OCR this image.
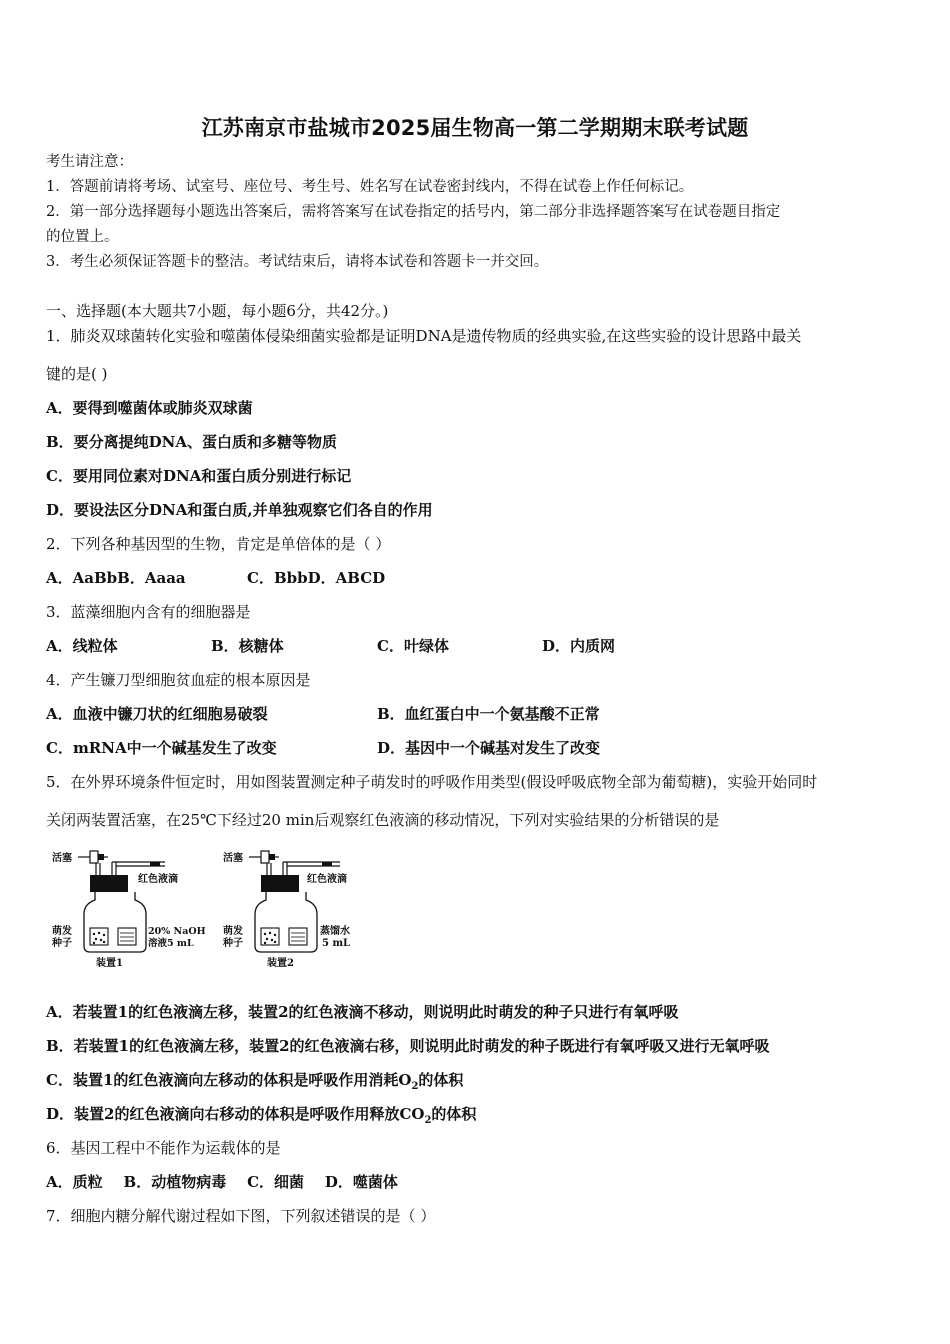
江苏南京市盐城市2025届生物高一第二学期期末联考试题
考生请注意：
1．答题前请将考场、试室号、座位号、考生号、姓名写在试卷密封线内，不得在试卷上作任何标记。
2．第一部分选择题每小题选出答案后，需将答案写在试卷指定的括号内，第二部分非选择题答案写在试卷题目指定
的位置上。
3．考生必须保证答题卡的整洁。考试结束后，请将本试卷和答题卡一并交回。
一、选择题(本大题共7小题，每小题6分，共42分。)
1．肺炎双球菌转化实验和噬菌体侵染细菌实验都是证明DNA是遗传物质的经典实验,在这些实验的设计思路中最关
键的是( )
A．要得到噬菌体或肺炎双球菌
B．要分离提纯DNA、蛋白质和多糖等物质
C．要用同位素对DNA和蛋白质分别进行标记
D．要设法区分DNA和蛋白质,并单独观察它们各自的作用
2．下列各种基因型的生物，肯定是单倍体的是（ ）
A．AaBbB．Aaaa	C．BbbD．ABCD
3．蓝藻细胞内含有的细胞器是
A．线粒体	B．核糖体	C．叶绿体	D．内质网
4．产生镰刀型细胞贫血症的根本原因是
A．血液中镰刀状的红细胞易破裂	B．血红蛋白中一个氨基酸不正常
C．mRNA中一个碱基发生了改变	D．基因中一个碱基对发生了改变
5．在外界环境条件恒定时，用如图装置测定种子萌发时的呼吸作用类型(假设呼吸底物全部为葡萄糖)，实验开始同时
关闭两装置活塞，在25℃下经过20 min后观察红色液滴的移动情况，下列对实验结果的分析错误的是
活塞
红色液滴
萌发
种子
20% NaOH
溶液5 mL
装置1
活塞
红色液滴
萌发
种子
蒸馏水
5 mL
装置2
A．若装置1的红色液滴左移，装置2的红色液滴不移动，则说明此时萌发的种子只进行有氧呼吸
B．若装置1的红色液滴左移，装置2的红色液滴右移，则说明此时萌发的种子既进行有氧呼吸又进行无氧呼吸
C．装置1的红色液滴向左移动的体积是呼吸作用消耗$O_2$的体积
D．装置2的红色液滴向右移动的体积是呼吸作用释放$CO_2$的体积
6．基因工程中不能作为运载体的是
A．质粒    B．动植物病毒    C．细菌    D．噬菌体
7．细胞内糖分解代谢过程如下图，下列叙述错误的是（ ）
